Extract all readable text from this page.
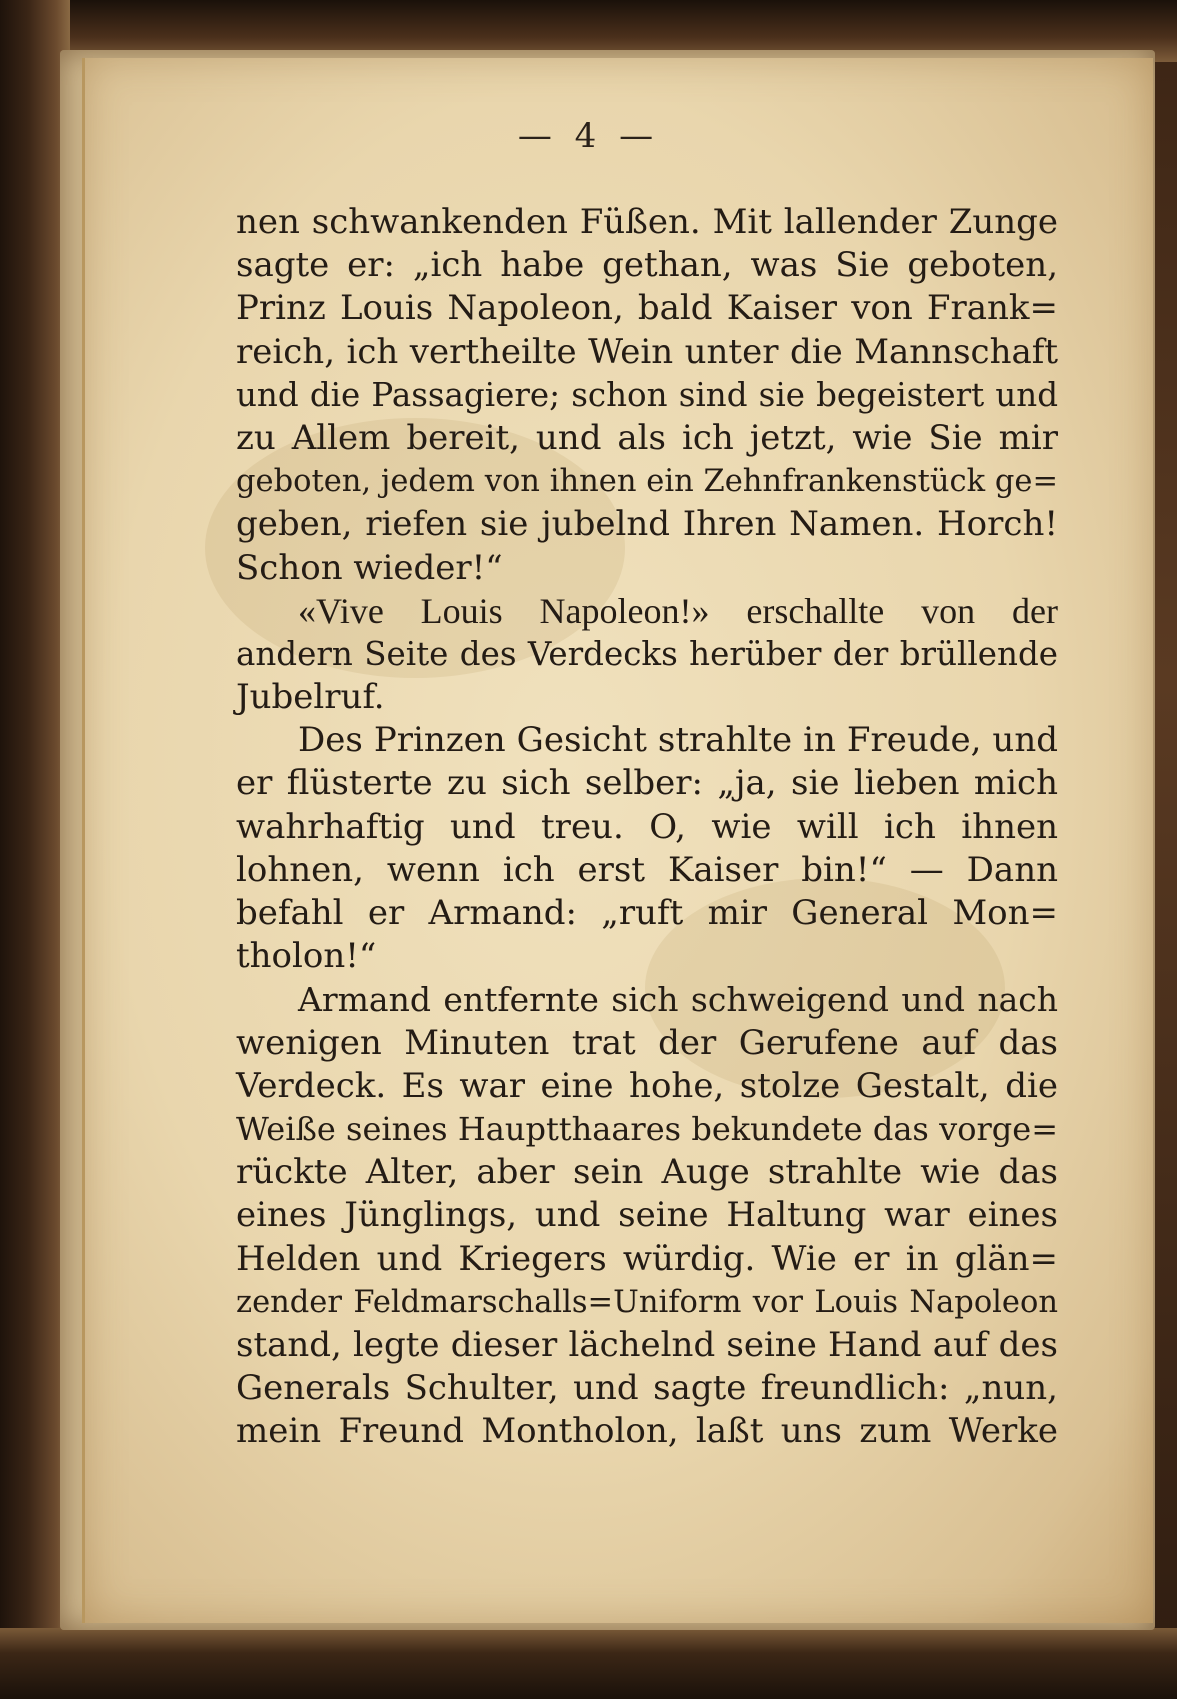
— 4 —
nen schwankenden Füßen. Mit lallender Zunge
sagte er: „ich habe gethan, was Sie geboten,
Prinz Louis Napoleon, bald Kaiser von Frank=
reich, ich vertheilte Wein unter die Mannschaft
und die Passagiere; schon sind sie begeistert und
zu Allem bereit, und als ich jetzt, wie Sie mir
geboten, jedem von ihnen ein Zehnfrankenstück ge=
geben, riefen sie jubelnd Ihren Namen. Horch!
Schon wieder!“
«Vive Louis Napoleon!» erschallte von der
andern Seite des Verdecks herüber der brüllende
Jubelruf.
Des Prinzen Gesicht strahlte in Freude, und
er flüsterte zu sich selber: „ja, sie lieben mich
wahrhaftig und treu. O, wie will ich ihnen
lohnen, wenn ich erst Kaiser bin!“ — Dann
befahl er Armand: „ruft mir General Mon=
tholon!“
Armand entfernte sich schweigend und nach
wenigen Minuten trat der Gerufene auf das
Verdeck. Es war eine hohe, stolze Gestalt, die
Weiße seines Hauptthaares bekundete das vorge=
rückte Alter, aber sein Auge strahlte wie das
eines Jünglings, und seine Haltung war eines
Helden und Kriegers würdig. Wie er in glän=
zender Feldmarschalls=Uniform vor Louis Napoleon
stand, legte dieser lächelnd seine Hand auf des
Generals Schulter, und sagte freundlich: „nun,
mein Freund Montholon, laßt uns zum Werke
